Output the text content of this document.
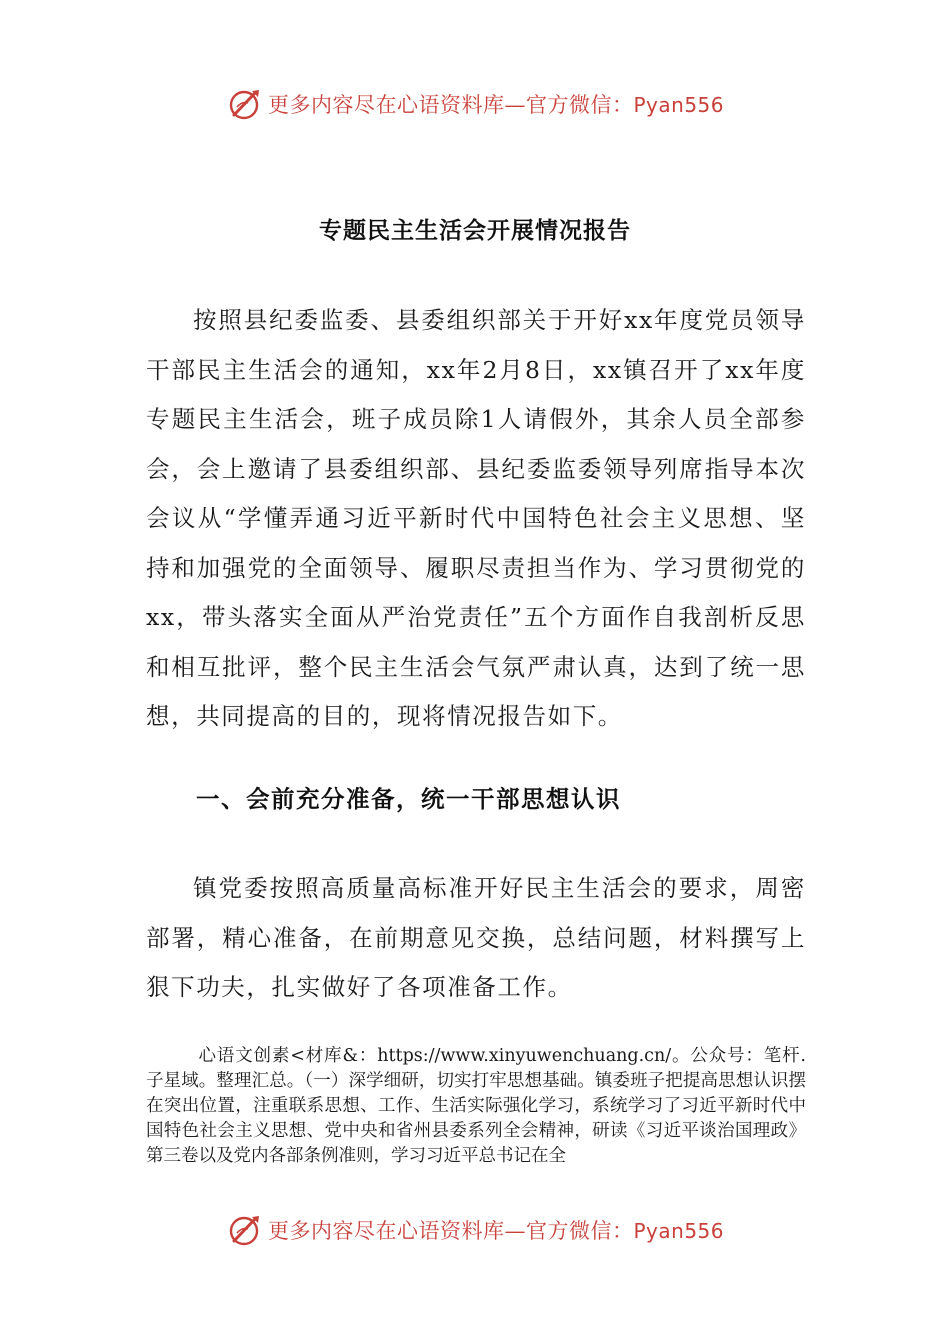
更多内容尽在心语资料库—官方微信：Pyan556
专题民主生活会开展情况报告

按照县纪委监委、县委组织部关于开好xx年度党员领导干部民主生活会的通知，xx年2月8日，xx镇召开了xx年度专题民主生活会，班子成员除1人请假外，其余人员全部参会，会上邀请了县委组织部、县纪委监委领导列席指导本次会议从“学懂弄通习近平新时代中国特色社会主义思想、坚持和加强党的全面领导、履职尽责担当作为、学习贯彻党的xx，带头落实全面从严治党责任”五个方面作自我剖析反思和相互批评，整个民主生活会气氛严肃认真，达到了统一思想，共同提高的目的，现将情况报告如下。

一、会前充分准备，统一干部思想认识

镇党委按照高质量高标准开好民主生活会的要求，周密部署，精心准备，在前期意见交换，总结问题，材料撰写上狠下功夫，扎实做好了各项准备工作。

心语文创素<材库&：https://www.xinyuwenchuang.cn/。公众号：笔杆.子星域。整理汇总。（一）深学细研，切实打牢思想基础。镇委班子把提高思想认识摆在突出位置，注重联系思想、工作、生活实际强化学习，系统学习了习近平新时代中国特色社会主义思想、党中央和省州县委系列全会精神，研读《习近平谈治国理政》第三卷以及党内各部条例准则，学习习近平总书记在全

更多内容尽在心语资料库—官方微信：Pyan556
